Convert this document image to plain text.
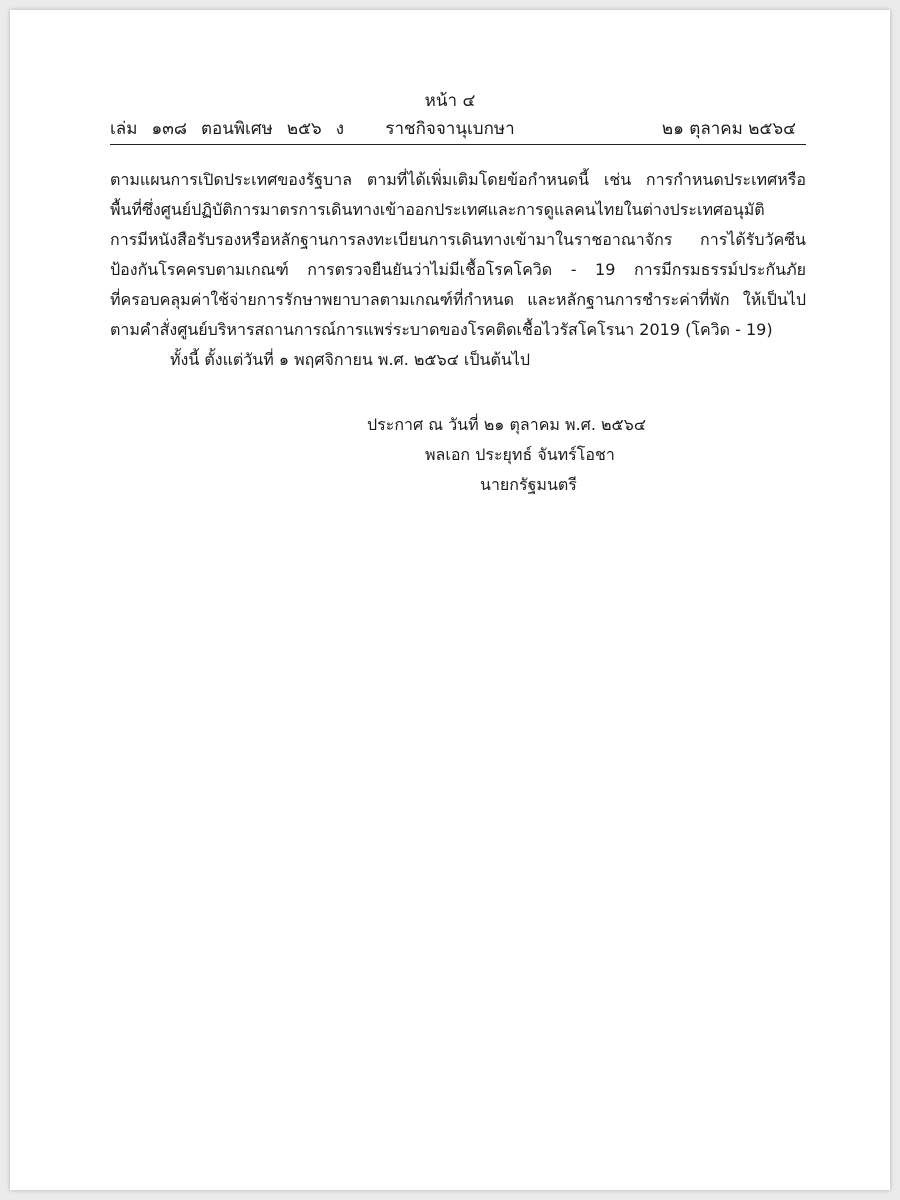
หน้า ๔
เล่ม ๑๓๘ ตอนพิเศษ ๒๕๖ ง	ราชกิจจานุเบกษา	๒๑ ตุลาคม ๒๕๖๔
ตามแผนการเปิดประเทศของรัฐบาล ตามที่ได้เพิ่มเติมโดยข้อกำหนดนี้ เช่น การกำหนดประเทศหรือ
พื้นที่ซึ่งศูนย์ปฏิบัติการมาตรการเดินทางเข้าออกประเทศและการดูแลคนไทยในต่างประเทศอนุมัติ
การมีหนังสือรับรองหรือหลักฐานการลงทะเบียนการเดินทางเข้ามาในราชอาณาจักร การได้รับวัคซีน
ป้องกันโรคครบตามเกณฑ์ การตรวจยืนยันว่าไม่มีเชื้อโรคโควิด - 19 การมีกรมธรรม์ประกันภัย
ที่ครอบคลุมค่าใช้จ่ายการรักษาพยาบาลตามเกณฑ์ที่กำหนด และหลักฐานการชำระค่าที่พัก ให้เป็นไป
ตามคำสั่งศูนย์บริหารสถานการณ์การแพร่ระบาดของโรคติดเชื้อไวรัสโคโรนา 2019 (โควิด - 19)
ทั้งนี้ ตั้งแต่วันที่ ๑ พฤศจิกายน พ.ศ. ๒๕๖๔ เป็นต้นไป
ประกาศ ณ วันที่ ๒๑ ตุลาคม พ.ศ. ๒๕๖๔
พลเอก ประยุทธ์ จันทร์โอชา
นายกรัฐมนตรี
